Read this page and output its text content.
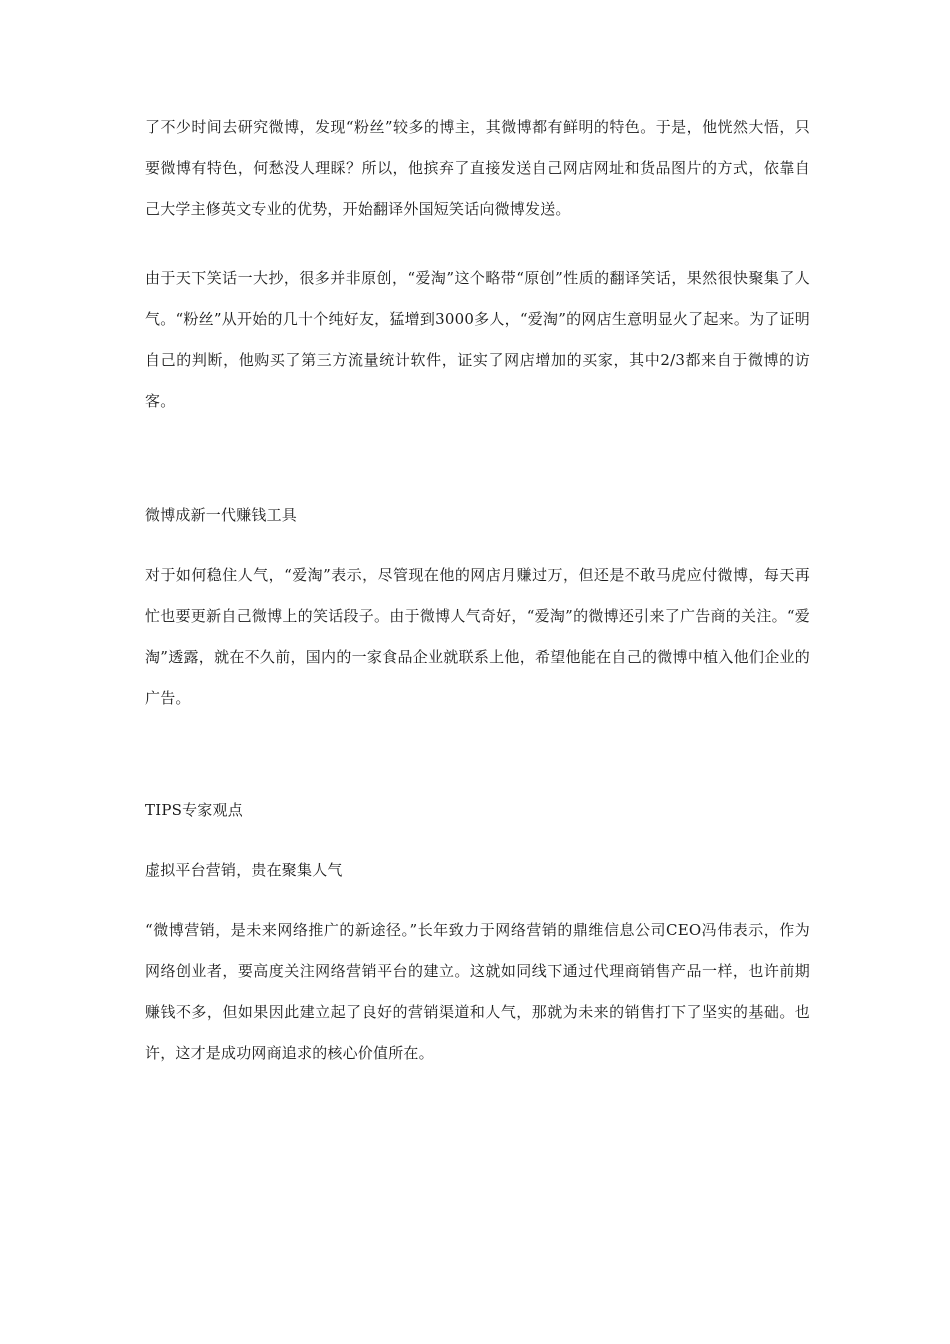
了不少时间去研究微博，发现“粉丝”较多的博主，其微博都有鲜明的特色。于是，他恍然大悟，只要微博有特色，何愁没人理睬？所以，他摈弃了直接发送自己网店网址和货品图片的方式，依靠自己大学主修英文专业的优势，开始翻译外国短笑话向微博发送。

由于天下笑话一大抄，很多并非原创，“爱淘”这个略带“原创”性质的翻译笑话，果然很快聚集了人气。“粉丝”从开始的几十个纯好友，猛增到3000多人，“爱淘”的网店生意明显火了起来。为了证明自己的判断，他购买了第三方流量统计软件，证实了网店增加的买家，其中2/3都来自于微博的访客。

微博成新一代赚钱工具

对于如何稳住人气，“爱淘”表示，尽管现在他的网店月赚过万，但还是不敢马虎应付微博，每天再忙也要更新自己微博上的笑话段子。由于微博人气奇好，“爱淘”的微博还引来了广告商的关注。“爱淘”透露，就在不久前，国内的一家食品企业就联系上他，希望他能在自己的微博中植入他们企业的广告。

TIPS专家观点
虚拟平台营销，贵在聚集人气

“微博营销，是未来网络推广的新途径。”长年致力于网络营销的鼎维信息公司CEO冯伟表示，作为网络创业者，要高度关注网络营销平台的建立。这就如同线下通过代理商销售产品一样，也许前期赚钱不多，但如果因此建立起了良好的营销渠道和人气，那就为未来的销售打下了坚实的基础。也许，这才是成功网商追求的核心价值所在。
